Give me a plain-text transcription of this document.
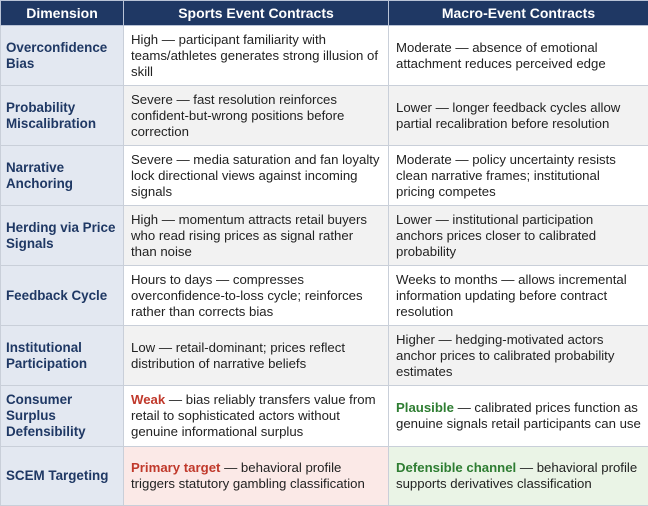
Dimension	Sports Event Contracts	Macro-Event Contracts
Overconfidence Bias	High — participant familiarity with teams/athletes generates strong illusion of skill	Moderate — absence of emotional attachment reduces perceived edge
Probability Miscalibration	Severe — fast resolution reinforces confident-but-wrong positions before correction	Lower — longer feedback cycles allow partial recalibration before resolution
Narrative Anchoring	Severe — media saturation and fan loyalty lock directional views against incoming signals	Moderate — policy uncertainty resists clean narrative frames; institutional pricing competes
Herding via Price Signals	High — momentum attracts retail buyers who read rising prices as signal rather than noise	Lower — institutional participation anchors prices closer to calibrated probability
Feedback Cycle	Hours to days — compresses overconfidence-to-loss cycle; reinforces rather than corrects bias	Weeks to months — allows incremental information updating before contract resolution
Institutional Participation	Low — retail-dominant; prices reflect distribution of narrative beliefs	Higher — hedging-motivated actors anchor prices to calibrated probability estimates
Consumer Surplus Defensibility	Weak — bias reliably transfers value from retail to sophisticated actors without genuine informational surplus	Plausible — calibrated prices function as genuine signals retail participants can use
SCEM Targeting	Primary target — behavioral profile triggers statutory gambling classification	Defensible channel — behavioral profile supports derivatives classification
